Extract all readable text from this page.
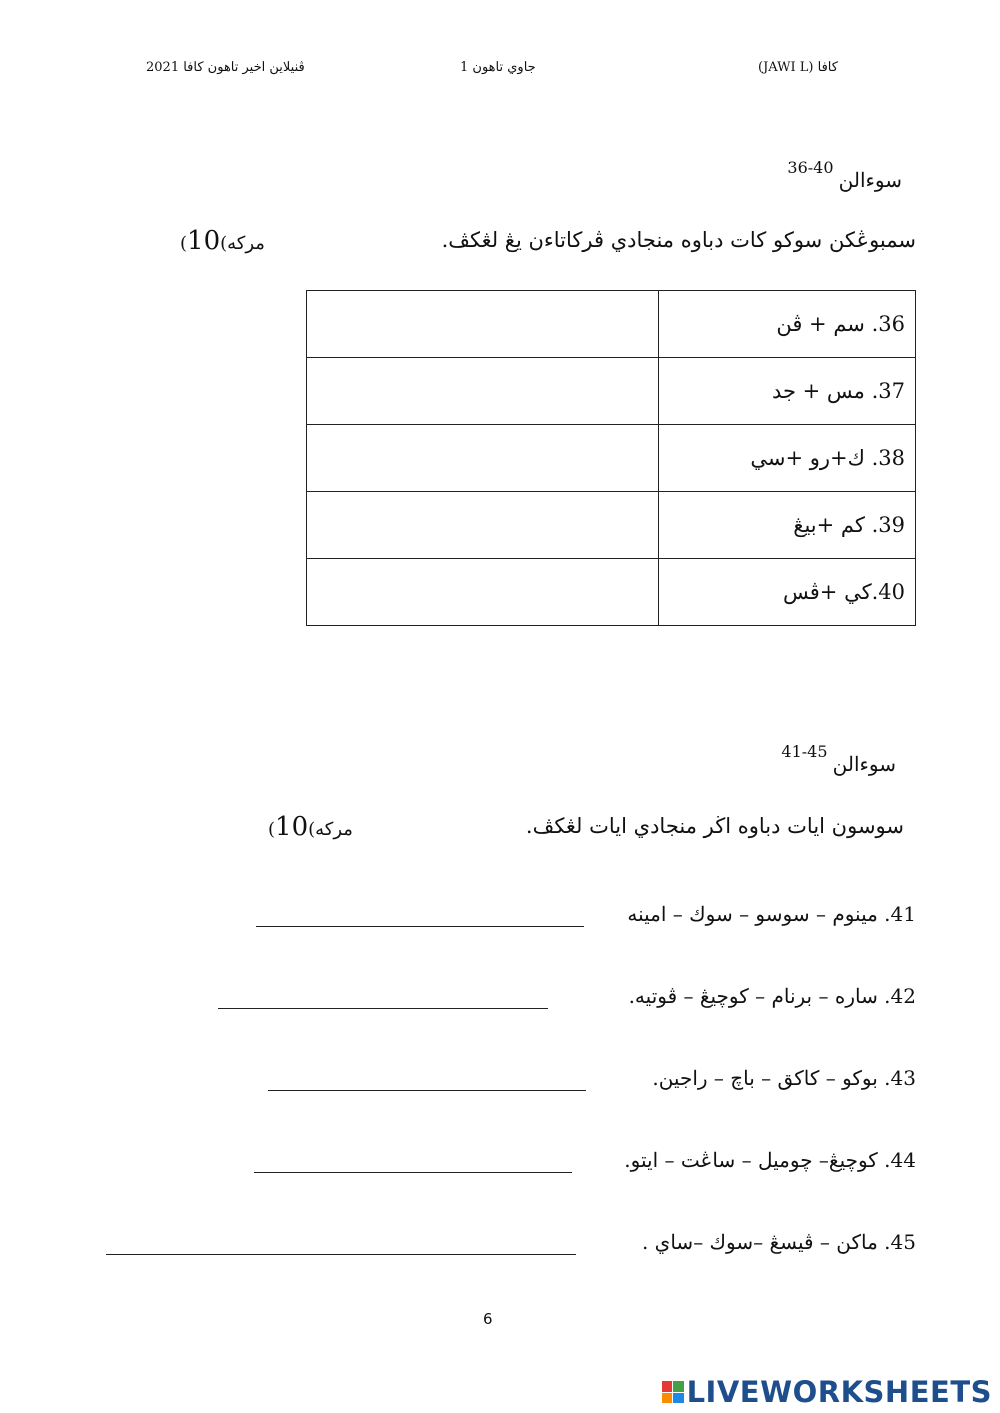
ڤنيلاين اخير تاهون كافا 2021	جاوي تاهون 1	كافا (JAWI L)
36-40 سوءالن
سمبوڠكن سوكو كات دباوه منجادي ڤركاتاءن يڠ لڠكڤ.
(10 مركه)
36. سم + ڤن	
37. مس + جد	
38. ك+رو +سي	
39. كم +بيڠ	
40.كي +ڤس	
41-45 سوءالن
سوسون ايات دباوه اڬر منجادي ايات لڠكڤ.
(10 مركه)
41. مينوم – سوسو – سوك – امينه
42. ساره – برنام – كوچيڠ – ڤوتيه.
43. بوكو – كاكق – باچ – راجين.
44. كوچيڠ– چوميل – ساڠت – ايتو.
45. ماكن – ڤيسڠ –سوك –ساي .
6
LIVEWORKSHEETS
